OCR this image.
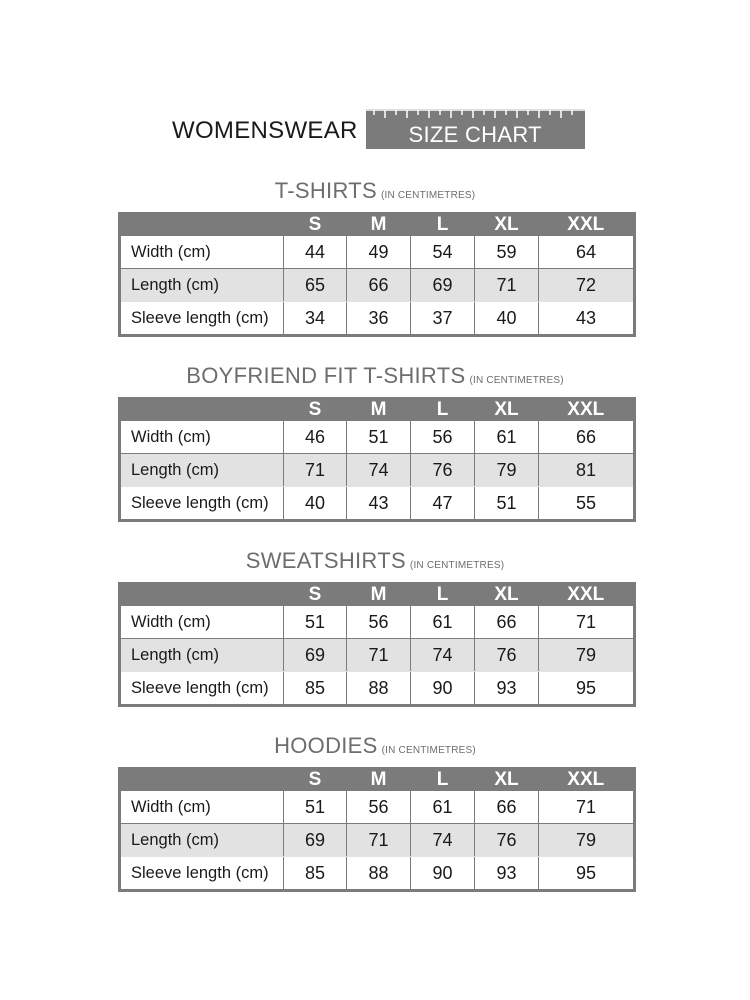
WOMENSWEAR	SIZE CHART
T-SHIRTS (IN CENTIMETRES)
	S	M	L	XL	XXL
Width (cm)	44	49	54	59	64
Length (cm)	65	66	69	71	72
Sleeve length (cm)	34	36	37	40	43
BOYFRIEND FIT T-SHIRTS (IN CENTIMETRES)
	S	M	L	XL	XXL
Width (cm)	46	51	56	61	66
Length (cm)	71	74	76	79	81
Sleeve length (cm)	40	43	47	51	55
SWEATSHIRTS (IN CENTIMETRES)
	S	M	L	XL	XXL
Width (cm)	51	56	61	66	71
Length (cm)	69	71	74	76	79
Sleeve length (cm)	85	88	90	93	95
HOODIES (IN CENTIMETRES)
	S	M	L	XL	XXL
Width (cm)	51	56	61	66	71
Length (cm)	69	71	74	76	79
Sleeve length (cm)	85	88	90	93	95
